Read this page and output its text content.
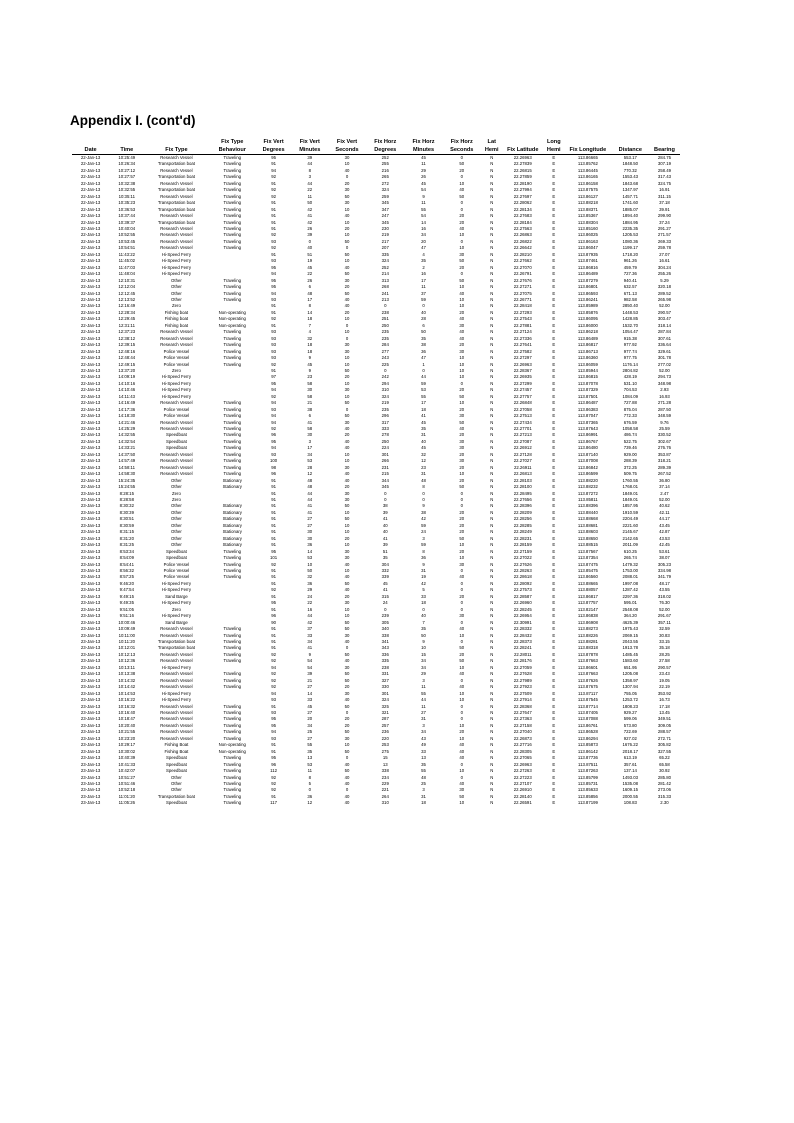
Appendix I. (cont'd)
Date	Time	Fix Type	Fix Type Behaviour	Fix Vert Degrees	Fix Vert Minutes	Fix Vert Seconds	Fix Horz Degrees	Fix Horz Minutes	Fix Horz Seconds	Lat Hemi	Fix Latitude	Long Hemi	Fix Longitude	Distance	Bearing
22-Jan-13	10:25:49	Research Vessel	Traveling	95	39	30	252	45	0	N	22.26963	E	113.86665	553.17	284.75
22-Jan-13	10:26:34	Transportation boat	Traveling	91	44	10	255	11	50	N	22.27839	E	113.85762	1848.50	307.19
22-Jan-13	10:27:12	Research Vessel	Traveling	94	8	40	216	29	20	N	22.26815	E	113.86445	770.32	258.49
22-Jan-13	10:27:57	Transportation boat	Traveling	92	3	0	265	26	0	N	22.27859	E	113.86165	1553.43	317.43
22-Jan-13	10:32:38	Research Vessel	Traveling	91	44	20	272	45	10	N	22.28190	E	113.86158	1843.68	324.75
22-Jan-13	10:32:55	Transportation boat	Traveling	92	22	30	324	54	40	N	22.27994	E	113.87575	1347.97	16.91
22-Jan-13	10:35:11	Research Vessel	Traveling	92	11	50	259	9	50	N	22.27697	E	113.86127	1457.71	311.15
22-Jan-13	10:35:23	Transportation boat	Traveling	91	50	30	345	11	0	N	22.28062	E	113.88218	1741.60	37.18
22-Jan-13	10:36:53	Transportation boat	Traveling	91	42	10	347	55	0	N	22.28134	E	113.88371	1885.07	39.91
22-Jan-13	10:37:44	Research Vessel	Traveling	91	41	40	247	54	20	N	22.27683	E	113.85367	1894.40	299.90
22-Jan-13	10:39:37	Transportation boat	Traveling	91	42	10	345	14	20	N	22.28184	E	113.88304	1884.95	37.24
22-Jan-13	10:40:04	Research Vessel	Traveling	91	26	20	230	16	40	N	22.27563	E	113.85160	2235.35	291.27
22-Jan-13	10:52:55	Research Vessel	Traveling	92	39	10	219	34	10	N	22.26863	E	113.86025	1205.53	271.57
22-Jan-13	10:53:45	Research Vessel	Traveling	93	0	50	217	20	0	N	22.26822	E	113.86163	1080.36	269.33
22-Jan-13	10:54:51	Research Vessel	Traveling	92	40	0	207	47	10	N	22.26642	E	113.86047	1199.17	259.78
22-Jan-13	11:43:22	Hi-Speed Ferry		91	51	50	335	4	30	N	22.28210	E	113.87935	1718.20	27.07
22-Jan-13	11:45:02	Hi-Speed Ferry		93	19	10	324	35	50	N	22.27662	E	113.87461	961.26	16.61
22-Jan-13	11:47:03	Hi-Speed Ferry		95	45	40	252	2	20	N	22.27070	E	113.86816	459.79	304.24
22-Jan-13	11:48:04	Hi-Speed Ferry		94	22	50	214	16	0	N	22.26791	E	113.86489	727.36	255.26
22-Jan-13	12:10:31	Other	Traveling	95	26	30	313	17	50	N	22.27676	E	113.87279	940.41	5.29
22-Jan-13	12:12:04	Other	Traveling	95	6	20	268	11	10	N	22.27271	E	113.86801	632.57	320.18
22-Jan-13	12:12:45	Other	Traveling	94	48	50	241	37	40	N	22.27075	E	113.86593	671.13	289.52
22-Jan-13	12:13:52	Other	Traveling	93	17	40	213	59	10	N	22.26771	E	113.86241	982.58	265.98
22-Jan-13	12:16:49	Zero		91	8	40	0	0	10	N	22.28418	E	113.85989	2850.40	52.00
22-Jan-13	12:28:34	Fishing boat	Non-operating	91	14	20	238	40	20	N	22.27293	E	113.85876	1448.53	290.57
22-Jan-13	12:29:45	Fishing boat	Non-operating	92	18	10	251	28	40	N	22.27543	E	113.86095	1428.85	303.47
22-Jan-13	12:31:11	Fishing boat	Non-operating	91	7	0	250	6	30	N	22.27881	E	113.86000	1532.70	318.14
22-Jan-13	12:37:23	Research Vessel	Traveling	93	4	10	235	50	40	N	22.27124	E	113.86218	1054.47	287.84
22-Jan-13	12:38:12	Research Vessel	Traveling	93	32	0	235	35	40	N	22.27336	E	113.86489	915.38	307.61
22-Jan-13	12:39:15	Research Vessel	Traveling	93	18	30	284	38	20	N	22.27641	E	113.86817	977.92	336.64
22-Jan-13	12:48:16	Police Vessel	Traveling	93	18	30	277	36	30	N	22.27582	E	113.86713	977.74	329.61
22-Jan-13	12:48:44	Police Vessel	Traveling	93	9	10	243	47	10	N	22.27297	E	113.86360	977.75	301.78
22-Jan-13	12:49:15	Police Vessel	Traveling	92	45	10	225	1	10	N	22.26963	E	113.86059	1176.14	277.02
22-Jan-13	13:37:20	Zero		91	9	50	0	0	10	N	22.28367	E	113.85944	2804.82	52.00
22-Jan-13	14:09:19	Hi-Speed Ferry		97	23	20	242	44	10	N	22.26935	E	113.86815	428.19	294.73
22-Jan-13	14:10:16	Hi-Speed Ferry		95	58	10	294	59	0	N	22.27299	E	113.87078	531.10	348.98
22-Jan-13	14:10:46	Hi-Speed Ferry		94	30	30	310	53	20	N	22.27457	E	113.87329	704.53	2.93
22-Jan-13	14:11:43	Hi-Speed Ferry		92	58	10	324	55	50	N	22.27757	E	113.87501	1084.09	16.93
22-Jan-13	14:16:49	Research Vessel	Traveling	94	21	50	219	17	10	N	22.26848	E	113.86487	727.88	271.28
22-Jan-13	14:17:36	Police Vessel	Traveling	93	38	0	235	18	20	N	22.27058	E	113.86383	875.04	287.50
22-Jan-13	14:18:30	Police Vessel	Traveling	94	6	50	296	41	30	N	22.27513	E	113.87047	772.33	348.59
22-Jan-13	14:21:46	Research Vessel	Traveling	94	41	30	317	45	50	N	22.27434	E	113.87365	676.59	9.76
22-Jan-13	14:25:29	Research Vessel	Traveling	92	58	40	333	35	40	N	22.27701	E	113.87643	1058.58	25.59
22-Jan-13	14:32:55	Speedboat	Traveling	96	30	20	278	31	20	N	22.27213	E	113.86991	486.74	330.52
22-Jan-13	14:32:54	Speedboat	Traveling	95	3	40	250	40	30	N	22.27087	E	113.86767	522.75	302.67
22-Jan-13	14:33:21	Speedboat	Traveling	94	17	40	224	45	30	N	22.26912	E	113.86480	739.46	276.76
22-Jan-13	14:37:50	Research Vessel	Traveling	93	34	10	301	32	20	N	22.27128	E	113.87140	929.00	353.87
22-Jan-13	14:57:49	Research Vessel	Traveling	100	53	10	266	12	30	N	22.27027	E	113.87008	288.39	318.21
22-Jan-13	14:58:11	Research Vessel	Traveling	98	28	30	231	23	20	N	22.26911	E	113.86842	372.25	289.39
22-Jan-13	14:58:30	Research Vessel	Traveling	96	12	40	215	31	10	N	22.26813	E	113.86599	509.75	267.52
22-Jan-13	15:24:35	Other	Stationary	91	48	40	344	48	20	N	22.28103	E	113.88220	1760.55	36.80
22-Jan-13	15:24:55	Other	Stationary	91	48	20	345	8	50	N	22.28100	E	113.88232	1768.01	37.14
23-Jan-13	8:28:15	Zero		91	44	30	0	0	0	N	22.28495	E	113.87272	1849.01	2.47
23-Jan-13	8:28:58	Zero		91	44	30	0	0	0	N	22.27656	E	113.85811	1849.01	52.00
23-Jan-13	8:30:32	Other	Stationary	91	41	50	38	9	0	N	22.28396	E	113.88396	1857.95	40.62
23-Jan-13	8:30:39	Other	Stationary	91	41	10	39	38	20	N	22.28209	E	113.88440	1910.59	42.11
23-Jan-13	8:30:51	Other	Stationary	91	27	50	41	42	20	N	22.28256	E	113.88668	2204.49	44.17
23-Jan-13	8:30:59	Other	Stationary	91	27	10	40	59	20	N	22.28285	E	113.88681	2221.60	43.45
23-Jan-13	8:31:15	Other	Stationary	91	30	10	40	24	20	N	22.28249	E	113.88603	2145.67	42.87
23-Jan-13	8:31:20	Other	Stationary	91	30	20	41	3	50	N	22.28231	E	113.88650	2142.65	43.53
23-Jan-13	8:31:25	Other	Stationary	91	36	10	39	59	10	N	22.28159	E	113.88515	2011.09	42.45
23-Jan-13	8:53:34	Speedboat	Traveling	95	14	30	51	8	20	N	22.27159	E	113.87567	610.25	53.61
23-Jan-13	8:54:09	Speedboat	Traveling	101	53	30	35	36	10	N	22.27022	E	113.87354	265.74	38.07
23-Jan-13	8:54:41	Police Vessel	Traveling	92	10	40	304	9	30	N	22.27626	E	113.87475	1479.32	305.23
23-Jan-13	8:56:32	Police Vessel	Traveling	91	50	10	332	31	0	N	22.28263	E	113.85475	1753.00	334.98
23-Jan-13	8:57:25	Police Vessel	Traveling	91	32	40	339	19	40	N	22.28618	E	113.86560	2088.01	341.79
23-Jan-13	9:46:20	Hi-Speed Ferry		91	36	50	45	42	0	N	22.28092	E	113.88665	1997.08	48.17
23-Jan-13	9:47:54	Hi-Speed Ferry		92	29	40	41	5	0	N	22.27573	E	113.88057	1287.42	43.55
23-Jan-13	9:49:15	Sand Barge		91	24	20	315	33	20	N	22.28587	E	113.86817	2297.36	318.02
23-Jan-13	9:49:35	Hi-Speed Ferry		95	22	30	24	18	0	N	22.26960	E	113.87757	595.01	76.30
23-Jan-13	9:51:05	Zero		91	16	10	0	0	0	N	22.28245	E	113.82147	2548.08	52.00
23-Jan-13	9:51:16	Hi-Speed Ferry		96	44	10	239	40	30	N	22.26954	E	113.86838	364.20	291.67
23-Jan-13	10:00:46	Sand Barge		90	42	50	305	7	0	N	22.30991	E	113.86908	4625.39	357.11
23-Jan-13	10:09:49	Research Vessel	Traveling	91	37	50	340	35	40	N	22.28332	E	113.88273	1975.43	32.59
23-Jan-13	10:11:00	Research Vessel	Traveling	91	33	30	338	50	10	N	22.28432	E	113.88226	2069.15	30.83
23-Jan-13	10:11:20	Transportation boat	Traveling	91	34	40	341	9	0	N	22.28373	E	113.88281	2043.55	33.15
23-Jan-13	10:12:01	Transportation boat	Traveling	91	41	0	343	10	50	N	22.28241	E	113.88318	1913.78	35.18
23-Jan-13	10:12:13	Research Vessel	Traveling	92	9	50	336	15	20	N	22.28011	E	113.87878	1485.45	28.25
23-Jan-13	10:12:36	Research Vessel	Traveling	92	54	40	335	34	50	N	22.28176	E	113.87663	1583.60	27.58
23-Jan-13	10:13:11	Hi-Speed Ferry		94	54	30	238	34	10	N	22.27059	E	113.86601	651.95	290.57
23-Jan-13	10:13:38	Research Vessel	Traveling	92	39	50	331	29	40	N	22.27628	E	113.87663	1205.08	23.43
23-Jan-13	10:14:32	Research Vessel	Traveling	92	21	50	327	3	0	N	22.27989	E	113.87626	1358.97	19.05
23-Jan-13	10:14:42	Research Vessel	Traveling	92	27	20	330	11	40	N	22.27923	E	113.87675	1307.94	22.19
23-Jan-13	10:14:53	Hi-Speed Ferry		94	14	30	301	55	10	N	22.27509	E	113.87117	755.05	353.92
23-Jan-13	10:16:22	Hi-Speed Ferry		93	33	40	324	44	10	N	22.27914	E	113.87545	1253.72	16.73
23-Jan-13	10:16:32	Research Vessel	Traveling	91	45	50	325	11	0	N	22.28368	E	113.87714	1808.23	17.18
23-Jan-13	10:16:40	Research Vessel	Traveling	93	27	0	321	27	0	N	22.27647	E	113.87405	929.27	13.45
23-Jan-13	10:18:47	Research Vessel	Traveling	95	20	20	287	31	0	N	22.27363	E	113.87088	599.06	349.51
23-Jan-13	10:20:40	Research Vessel	Traveling	95	34	20	257	3	10	N	22.27158	E	113.86761	573.80	309.05
23-Jan-13	10:21:55	Research Vessel	Traveling	94	25	50	236	34	20	N	22.27040	E	113.86528	722.69	288.57
23-Jan-13	10:23:20	Research Vessel	Traveling	93	27	30	220	43	10	N	22.26873	E	113.86294	927.02	272.71
23-Jan-13	10:29:17	Fishing Boat	Non-operating	91	55	10	253	49	40	N	22.27716	E	113.85873	1676.22	305.82
23-Jan-13	10:30:02	Fishing Boat	Non-operating	91	35	50	275	33	40	N	22.28305	E	113.86142	2018.17	327.55
23-Jan-13	10:40:39	Speedboat	Traveling	95	13	0	15	13	40	N	22.27065	E	113.87736	613.19	65.22
23-Jan-13	10:41:33	Speedboat	Traveling	96	53	40	13	35	0	N	22.26963	E	113.87511	357.61	65.58
23-Jan-13	10:42:07	Speedboat	Traveling	112	11	50	338	55	10	N	22.27263	E	113.87263	137.14	30.92
23-Jan-13	10:51:27	Other	Traveling	92	8	40	234	48	0	N	22.27223	E	113.85799	1493.03	285.80
23-Jan-13	10:51:46	Other	Traveling	92	5	40	229	25	40	N	22.27107	E	113.85731	1535.08	281.42
23-Jan-13	10:52:18	Other	Traveling	92	0	0	221	3	30	N	22.26910	E	113.85633	1609.15	273.06
23-Jan-13	11:01:20	Transportation boat	Traveling	91	36	40	264	31	50	N	22.28140	E	113.85856	2000.55	315.33
23-Jan-13	11:05:26	Speedboat	Traveling	117	12	40	310	18	10	N	22.26591	E	113.87199	108.83	2.30
